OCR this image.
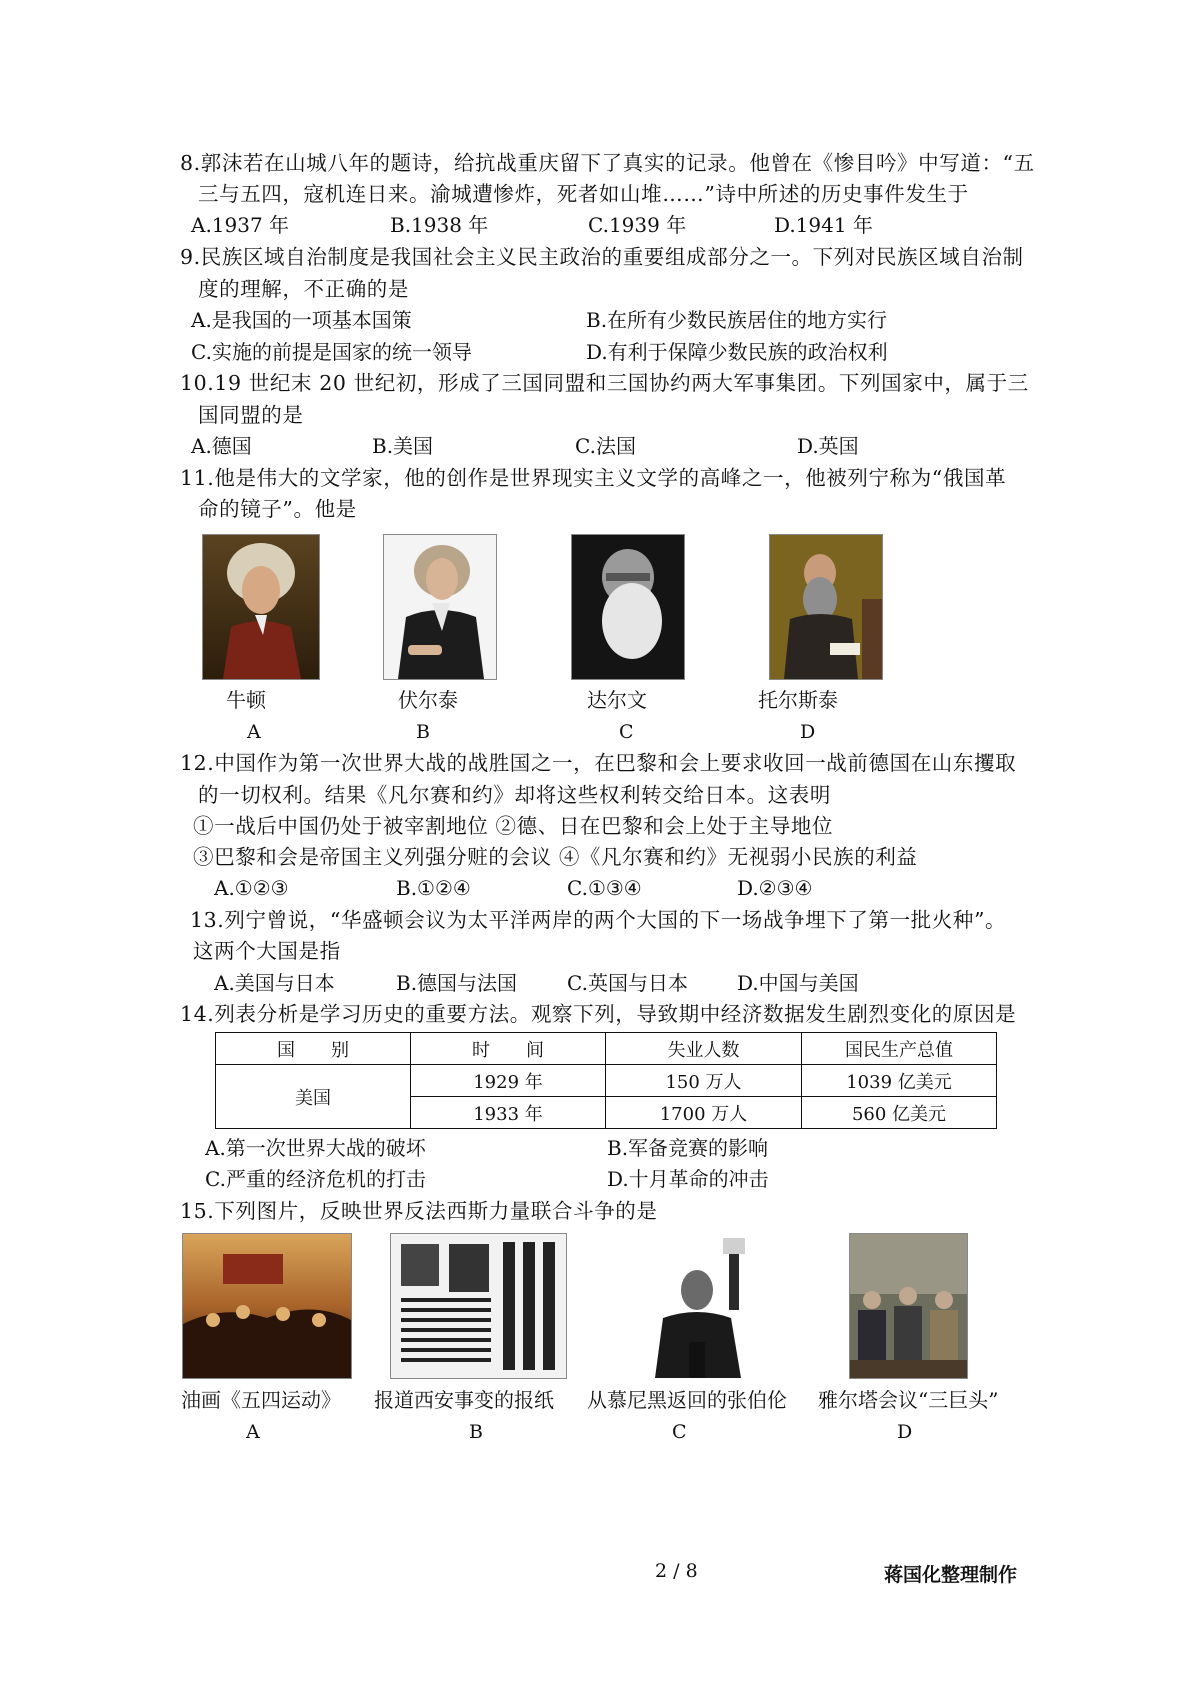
8.郭沫若在山城八年的题诗，给抗战重庆留下了真实的记录。他曾在《惨目吟》中写道：“五
三与五四，寇机连日来。渝城遭惨炸，死者如山堆……”诗中所述的历史事件发生于
A.1937 年	B.1938 年	C.1939 年	D.1941 年
9.民族区域自治制度是我国社会主义民主政治的重要组成部分之一。下列对民族区域自治制
度的理解，不正确的是
A.是我国的一项基本国策	B.在所有少数民族居住的地方实行
C.实施的前提是国家的统一领导	D.有利于保障少数民族的政治权利
10.19 世纪末 20 世纪初，形成了三国同盟和三国协约两大军事集团。下列国家中，属于三
国同盟的是
A.德国	B.美国	C.法国	D.英国
11.他是伟大的文学家，他的创作是世界现实主义文学的高峰之一，他被列宁称为“俄国革
命的镜子”。他是
牛顿	伏尔泰	达尔文	托尔斯泰
A	B	C	D
12.中国作为第一次世界大战的战胜国之一，在巴黎和会上要求收回一战前德国在山东攫取
的一切权利。结果《凡尔赛和约》却将这些权利转交给日本。这表明
①一战后中国仍处于被宰割地位 ②德、日在巴黎和会上处于主导地位
③巴黎和会是帝国主义列强分赃的会议 ④《凡尔赛和约》无视弱小民族的利益
A.①②③	B.①②④	C.①③④	D.②③④
13.列宁曾说，“华盛顿会议为太平洋两岸的两个大国的下一场战争埋下了第一批火种”。
这两个大国是指
A.美国与日本	B.德国与法国 C.英国与日本 D.中国与美国
14.列表分析是学习历史的重要方法。观察下列，导致期中经济数据发生剧烈变化的原因是
国　　别	时　　间	失业人数	国民生产总值
美国	1929 年	150 万人	1039 亿美元
	1933 年	1700 万人	560 亿美元
A.第一次世界大战的破坏	B.军备竞赛的影响
C.严重的经济危机的打击	D.十月革命的冲击
15.下列图片，反映世界反法西斯力量联合斗争的是
油画《五四运动》 报道西安事变的报纸 从慕尼黑返回的张伯伦 雅尔塔会议“三巨头”
A	B	C	D
2 / 8	蒋国化整理制作
